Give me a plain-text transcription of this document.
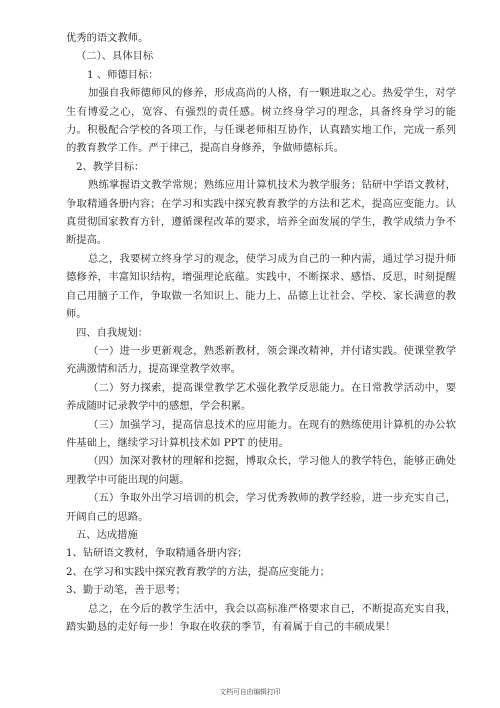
优秀的语文教师。

（二）、具体目标

1 、师德目标：

加强自我师德师风的修养，形成高尚的人格，有一颗进取之心。热爱学生，对学生有博爱之心，宽容、有强烈的责任感。树立终身学习的理念，具备终身学习的能力。积极配合学校的各项工作，与任课老师相互协作，认真踏实地工作，完成一系列的教育教学工作。严于律己，提高自身修养，争做师德标兵。

2、教学目标：

熟练掌握语文教学常规；熟练应用计算机技术为教学服务；钻研中学语文教材，争取精通各册内容；在学习和实践中探究教育教学的方法和艺术，提高应变能力。认真贯彻国家教育方针，遵循课程改革的要求，培养全面发展的学生，教学成绩力争不断提高。

总之，我要树立终身学习的观念，使学习成为自己的一种内需，通过学习提升师德修养，丰富知识结构，增强理论底蕴。实践中，不断探求、感悟、反思，时刻提醒自己用脑子工作，争取做一名知识上、能力上、品德上让社会、学校、家长满意的教师。

四、自我规划：

（一）进一步更新观念，熟悉新教材，领会课改精神，并付诸实践。使课堂教学充满激情和活力，提高课堂教学效率。

（二）努力探索，提高课堂教学艺术强化教学反思能力。在日常教学活动中，要养成随时记录教学中的感想，学会积累。

（三）加强学习，提高信息技术的应用能力。在现有的熟练使用计算机的办公软件基础上，继续学习计算机技术如 PPT 的使用。

（四）加深对教材的理解和挖掘，博取众长，学习他人的教学特色，能够正确处理教学中可能出现的问题。

（五）争取外出学习培训的机会，学习优秀教师的教学经验，进一步充实自己，开阔自己的思路。

五、达成措施

1、钻研语文教材，争取精通各册内容；

2、在学习和实践中探究教育教学的方法，提高应变能力；

3、勤于动笔，善于思考；

总之，在今后的教学生活中，我会以高标准严格要求自己，不断提高充实自我，踏实勤恳的走好每一步！争取在收获的季节，有着属于自己的丰硕成果！

文档可自由编辑打印
